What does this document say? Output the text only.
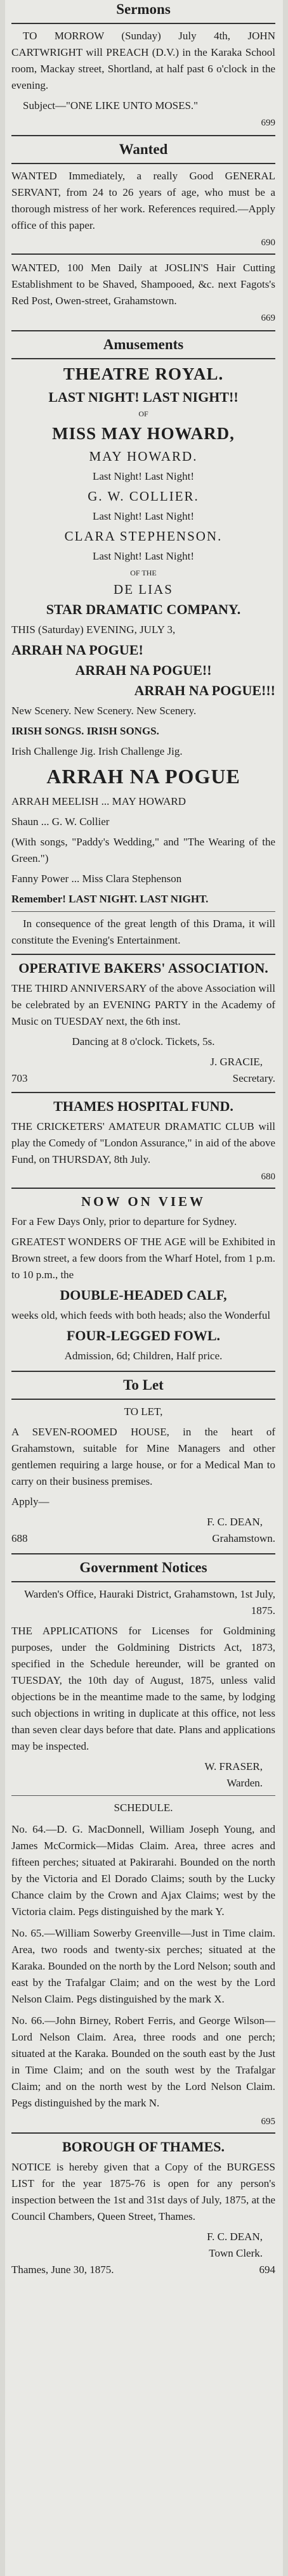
Sermons
TO MORROW (Sunday) July 4th, JOHN CARTWRIGHT will PREACH (D.V.) in the Karaka School room, Mackay street, Shortland, at half past 6 o'clock in the evening.
Subject—"ONE LIKE UNTO MOSES."
699
Wanted
WANTED Immediately, a really Good GENERAL SERVANT, from 24 to 26 years of age, who must be a thorough mistress of her work. References required.—Apply office of this paper.
690
WANTED, 100 Men Daily at JOSLIN'S Hair Cutting Establishment to be Shaved, Shampooed, &c. next Fagots's Red Post, Owen-street, Grahamstown.
669
Amusements
THEATRE ROYAL.
LAST NIGHT! LAST NIGHT!!
OF
MISS MAY HOWARD,
MAY HOWARD.
Last Night! Last Night!
G. W. COLLIER.
Last Night! Last Night!
CLARA STEPHENSON.
Last Night! Last Night!
OF THE
DE LIAS
STAR DRAMATIC COMPANY.
THIS (Saturday) EVENING, JULY 3,
ARRAH NA POGUE!
ARRAH NA POGUE!!
ARRAH NA POGUE!!!
New Scenery. New Scenery. New Scenery.
IRISH SONGS. IRISH SONGS.
Irish Challenge Jig. Irish Challenge Jig.
ARRAH NA POGUE
ARRAH MEELISH ... MAY HOWARD
Shaun ... G. W. Collier
(With songs, "Paddy's Wedding," and "The Wearing of the Green.")
Fanny Power ... Miss Clara Stephenson
Remember! LAST NIGHT. LAST NIGHT.
In consequence of the great length of this Drama, it will constitute the Evening's Entertainment.
OPERATIVE BAKERS' ASSOCIATION.
THE THIRD ANNIVERSARY of the above Association will be celebrated by an EVENING PARTY in the Academy of Music on TUESDAY next, the 6th inst.
Dancing at 8 o'clock. Tickets, 5s.
J. GRACIE,
703	Secretary.
THAMES HOSPITAL FUND.
THE CRICKETERS' AMATEUR DRAMATIC CLUB will play the Comedy of "London Assurance," in aid of the above Fund, on THURSDAY, 8th July.
680
NOW ON VIEW
For a Few Days Only, prior to departure for Sydney.
GREATEST WONDERS OF THE AGE will be Exhibited in Brown street, a few doors from the Wharf Hotel, from 1 p.m. to 10 p.m., the
DOUBLE-HEADED CALF,
weeks old, which feeds with both heads; also the Wonderful
FOUR-LEGGED FOWL.
Admission, 6d; Children, Half price.
To Let
TO LET,
A SEVEN-ROOMED HOUSE, in the heart of Grahamstown, suitable for Mine Managers and other gentlemen requiring a large house, or for a Medical Man to carry on their business premises.
Apply—
F. C. DEAN,
688	Grahamstown.
Government Notices
Warden's Office, Hauraki District, Grahamstown, 1st July, 1875.
THE APPLICATIONS for Licenses for Goldmining purposes, under the Goldmining Districts Act, 1873, specified in the Schedule hereunder, will be granted on TUESDAY, the 10th day of August, 1875, unless valid objections be in the meantime made to the same, by lodging such objections in writing in duplicate at this office, not less than seven clear days before that date. Plans and applications may be inspected.
W. FRASER,
Warden.
SCHEDULE.
No. 64.—D. G. MacDonnell, William Joseph Young, and James McCormick—Midas Claim. Area, three acres and fifteen perches; situated at Pakirarahi. Bounded on the north by the Victoria and El Dorado Claims; south by the Lucky Chance claim by the Crown and Ajax Claims; west by the Victoria claim. Pegs distinguished by the mark Y.
No. 65.—William Sowerby Greenville—Just in Time claim. Area, two roods and twenty-six perches; situated at the Karaka. Bounded on the north by the Lord Nelson; south and east by the Trafalgar Claim; and on the west by the Lord Nelson Claim. Pegs distinguished by the mark X.
No. 66.—John Birney, Robert Ferris, and George Wilson—Lord Nelson Claim. Area, three roods and one perch; situated at the Karaka. Bounded on the south east by the Just in Time Claim; and on the south west by the Trafalgar Claim; and on the north west by the Lord Nelson Claim. Pegs distinguished by the mark N.
695
BOROUGH OF THAMES.
NOTICE is hereby given that a Copy of the BURGESS LIST for the year 1875-76 is open for any person's inspection between the 1st and 31st days of July, 1875, at the Council Chambers, Queen Street, Thames.
F. C. DEAN,
Town Clerk.
Thames, June 30, 1875.	694
